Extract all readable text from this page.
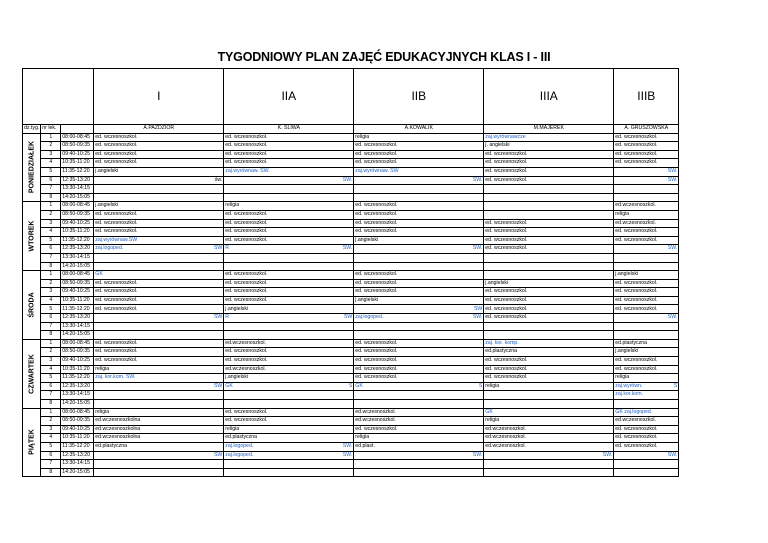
TYGODNIOWY PLAN ZAJĘĆ EDUKACYJNYCH KLAS I - III
			I	IIA	IIB	IIIA	IIIB
dz.tyg.	nr lek.		A.PAŹDZIOR	K. ŚLIWA	A.KOWALIK	M.MAJEREK	A. GRUSZOWSKA

PONIEDZIAŁEK	1	08:00-08:45	ed. wczesnoszkol.	ed. wczesnoszkol.	religia	zaj.wyrównawcze	ed. wczesnoszkol.

	2	08:50-09:35	ed. wczesnoszkol.	ed. wczesnoszkol.	ed. wczesnoszkol.	j. angielski	ed. wczesnoszkol.

	3	09:40-10:25	ed. wczesnoszkol.	ed. wczesnoszkol.	ed. wczesnoszkol.	ed. wczesnoszkol.	ed. wczesnoszkol.

	4	10:35-11:20	ed. wczesnoszkol.	ed. wczesnoszkol.	ed. wczesnoszkol.	ed. wczesnoszkol.	ed. wczesnoszkol.

	5	11:35-12:20	j.angielski	zaj.wyrównaw. ŚW.	zaj.wyrównaw. ŚW	ed. wczesnoszkol.	ŚW.

	6	12:35-13:20	św.	ŚW.	ŚW.	ed. wczesnoszkol.	ŚW.

	7	13:30-14:15	

	8	14:20-15:05	

WTOREK	1	08:00-08:45	j.angielski	religia	ed. wczesnoszkol.		ed.wczesnoszkol.

	2	08:50-09:35	ed. wczesnoszkol.	ed. wczesnoszkol.	ed. wczesnoszkol.		religia

	3	09:40-10:25	ed. wczesnoszkol.	ed. wczesnoszkol.	ed. wczesnoszkol.	ed. wczesnoszkol.	ed.wczesnoszkol.

	4	10:35-11:20	ed. wczesnoszkol.	ed. wczesnoszkol.	ed. wczesnoszkol.	ed. wczesnoszkol.	ed. wczesnoszkol.

	5	11:35-12:20	zaj.wyrównaw.ŚW	ed. wczesnoszkol.	j.angielski	ed. wczesnoszkol.	ed. wczesnoszkol.

	6	12:35-13:20	zaj.logoped. ŚW	R ŚW.	ŚW.	ed. wczesnoszkol.	ŚW.

	7	13:30-14:15	

	8	14:20-15:05	

ŚRODA	1	08:00-08:45	GK	ed. wczesnoszkol.	ed. wczesnoszkol.		j.angielski

	2	08:50-09:35	ed. wczesnoszkol.	ed. wczesnoszkol.	ed. wczesnoszkol.	j.angielski	ed. wczesnoszkol.

	3	09:40-10:25	ed. wczesnoszkol.	ed. wczesnoszkol.	ed. wczesnoszkol.	ed. wczesnoszkol.	ed. wczesnoszkol.

	4	10:35-11:20	ed. wczesnoszkol.	ed. wczesnoszkol.	j.angielski	ed. wczesnoszkol.	ed. wczesnoszkol.

	5	11:35-12:20	ed. wczesnoszkol.	j.angielski	ŚW	ed. wczesnoszkol.	ed. wczesnoszkol.

	6	12:35-13:20	ŚW	R ŚW	zaj.logoped. ŚW.	ed. wczesnoszkol.	ŚW.

	7	13:30-14:15	

	8	14:20-15:05	

CZWARTEK	1	08:00-08:45	ed. wczesnoszkol.	ed.wczesnoszkol.	ed. wczesnoszkol.	zaj. kor. komp.	ed.plastyczna

	2	08:50-09:35	ed. wczesnoszkol.	ed. wczesnoszkol.	ed. wczesnoszkol.	ed.plastyczna	j.angielski

	3	09:40-10:25	ed. wczesnoszkol.	ed. wczesnoszkol.	ed. wczesnoszkol.	ed. wczesnoszkol.	ed. wczesnoszkol.

	4	10:35-11:20	religia	ed.wczesnoszkol.	ed. wczesnoszkol.	ed. wczesnoszkol.	ed. wczesnoszkol.

	5	11:35-12:20	zaj. kor.kom. ŚW.	j.angielski	ed. wczesnoszkol.	ed. wczesnoszkol.	religia

	6	12:35-13:20	ŚW	GK Ś	GK Ś	religia	zaj.wyrówn. Ś

	7	13:30-14:15					zaj.kor.kom.

	8	14:20-15:05	

PIĄTEK	1	08:00-08:45	religia	ed. wczesnoszkol.	ed.wczesnoszkol.	GK	GK zaj.logoped.

	2	08:50-09:35	ed.wczesnoszkolna	ed. wczesnoszkol.	ed.wczesnoszkol.	religia	ed.wczesnoszkol.

	3	09:40-10:25	ed.wczesnoszkolna	religia	ed. wczesnoszkol.	ed.wczesnoszkol.	ed. wczesnoszkol.

	4	10:35-11:20	ed.wczesnoszkolna	ed.plastyczna	religia	ed.wczesnoszkol.	ed. wczesnoszkol.

	5	11:35-12:20	ed.plastyczna	zaj.logoped. ŚW.	ed.plast.	ed.wczesnoszkol.	ed. wczesnoszkol.

	6	12:35-13:20	ŚW	zaj.logoped. ŚW.	ŚW.	ŚW.	ŚW.

	7	13:30-14:15	

	8	14:20-15:05	
